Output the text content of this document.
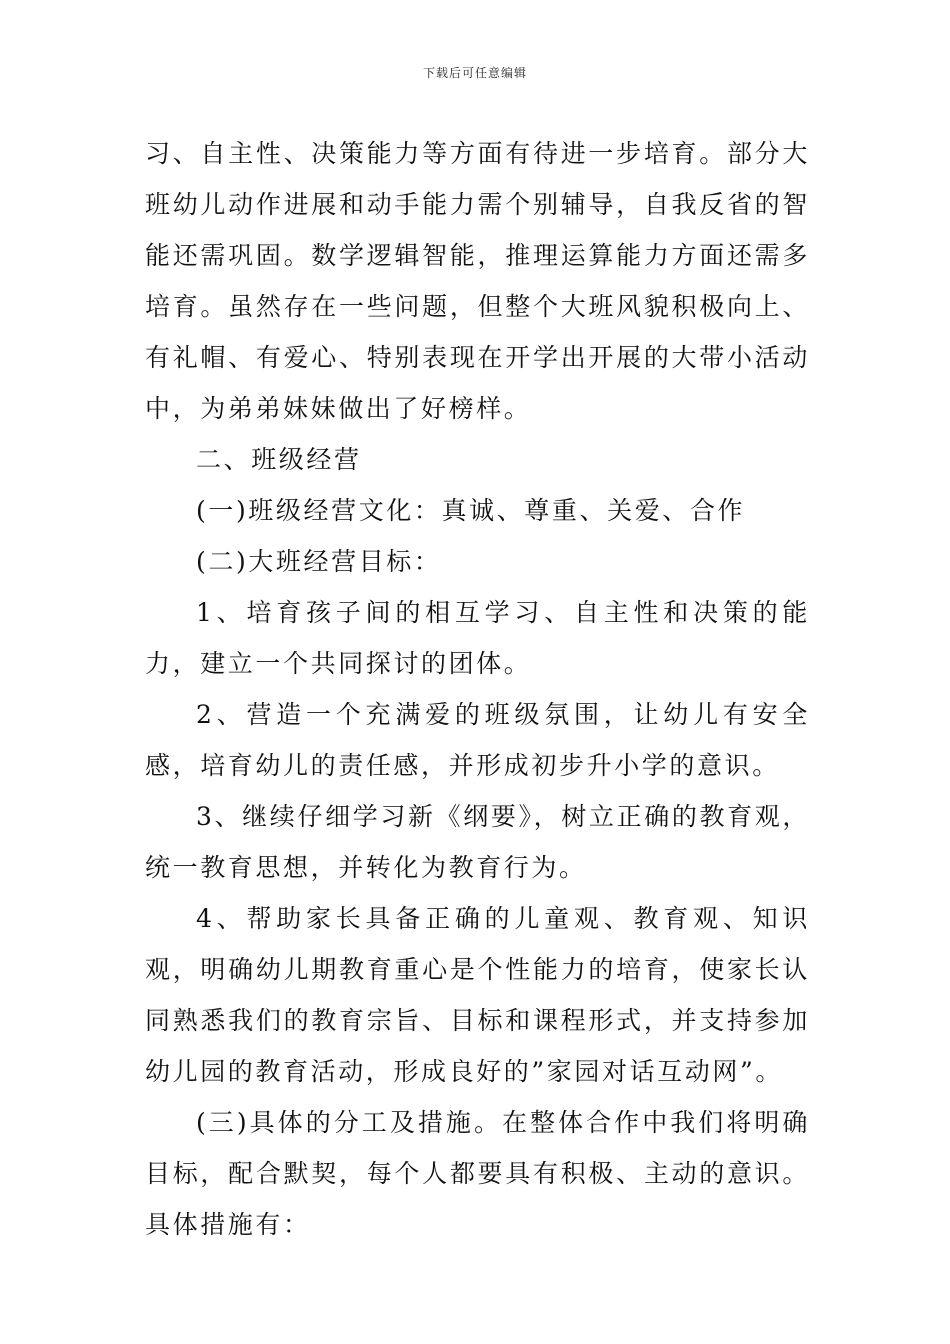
下载后可任意编辑

习、自主性、决策能力等方面有待进一步培育。部分大班幼儿动作进展和动手能力需个别辅导，自我反省的智能还需巩固。数学逻辑智能，推理运算能力方面还需多培育。虽然存在一些问题，但整个大班风貌积极向上、有礼帽、有爱心、特别表现在开学出开展的大带小活动中，为弟弟妹妹做出了好榜样。

二、班级经营

(一)班级经营文化：真诚、尊重、关爱、合作

(二)大班经营目标：

1、培育孩子间的相互学习、自主性和决策的能力，建立一个共同探讨的团体。

2、营造一个充满爱的班级氛围，让幼儿有安全感，培育幼儿的责任感，并形成初步升小学的意识。

3、继续仔细学习新《纲要》，树立正确的教育观，统一教育思想，并转化为教育行为。

4、帮助家长具备正确的儿童观、教育观、知识观，明确幼儿期教育重心是个性能力的培育，使家长认同熟悉我们的教育宗旨、目标和课程形式，并支持参加幼儿园的教育活动，形成良好的”家园对话互动网”。

(三)具体的分工及措施。在整体合作中我们将明确目标，配合默契，每个人都要具有积极、主动的意识。具体措施有：
